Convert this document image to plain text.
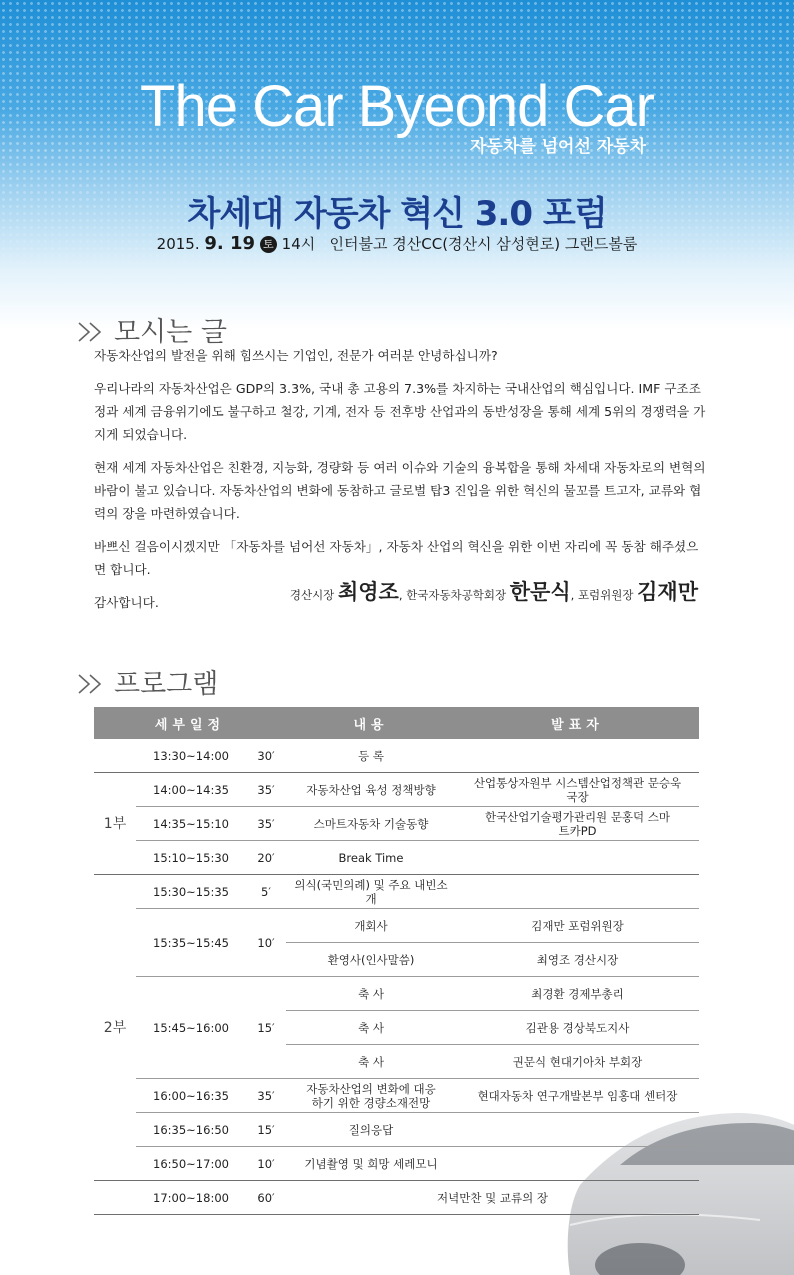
The Car Byeond Car
자동차를 넘어선 자동차
차세대 자동차 혁신 3.0 포럼
2015. 9. 19 토 14시 인터불고 경산CC(경산시 삼성현로) 그랜드볼룸
모시는 글

자동차산업의 발전을 위해 힘쓰시는 기업인, 전문가 여러분 안녕하십니까?

우리나라의 자동차산업은 GDP의 3.3%, 국내 총 고용의 7.3%를 차지하는 국내산업의 핵심입니다. IMF 구조조정과 세계 금융위기에도 불구하고 철강, 기계, 전자 등 전후방 산업과의 동반성장을 통해 세계 5위의 경쟁력을 가지게 되었습니다.

현재 세계 자동차산업은 친환경, 지능화, 경량화 등 여러 이슈와 기술의 융복합을 통해 차세대 자동차로의 변혁의 바람이 불고 있습니다. 자동차산업의 변화에 동참하고 글로벌 탑3 진입을 위한 혁신의 물꼬를 트고자, 교류와 협력의 장을 마련하였습니다.

바쁘신 걸음이시겠지만 「자동차를 넘어선 자동차」, 자동차 산업의 혁신을 위한 이번 자리에 꼭 동참 해주셨으면 합니다.

감사합니다.	경산시장 최영조, 한국자동차공학회장 한문식, 포럼위원장 김재만
프로그램
세부일정			내용	발표자
	13:30~14:00	30′	등 록	
1부	14:00~14:35	35′	자동차산업 육성 정책방향	산업통상자원부 시스템산업정책관 문승욱 국장
	14:35~15:10	35′	스마트자동차 기술동향	한국산업기술평가관리원 문홍덕 스마트카PD
	15:10~15:30	20′	Break Time	
2부	15:30~15:35	5′	의식(국민의례) 및 주요 내빈소개	
	15:35~15:45	10′	개회사	김재만 포럼위원장
			환영사(인사말씀)	최영조 경산시장
	15:45~16:00	15′	축 사	최경환 경제부총리
			축 사	김관용 경상북도지사
			축 사	권문식 현대기아차 부회장
	16:00~16:35	35′	자동차산업의 변화에 대응하기 위한 경량소재전망	현대자동차 연구개발본부 임홍대 센터장
	16:35~16:50	15′	질의응답	
	16:50~17:00	10′	기념촬영 및 희망 세레모니	
	17:00~18:00	60′	저녁만찬 및 교류의 장	
